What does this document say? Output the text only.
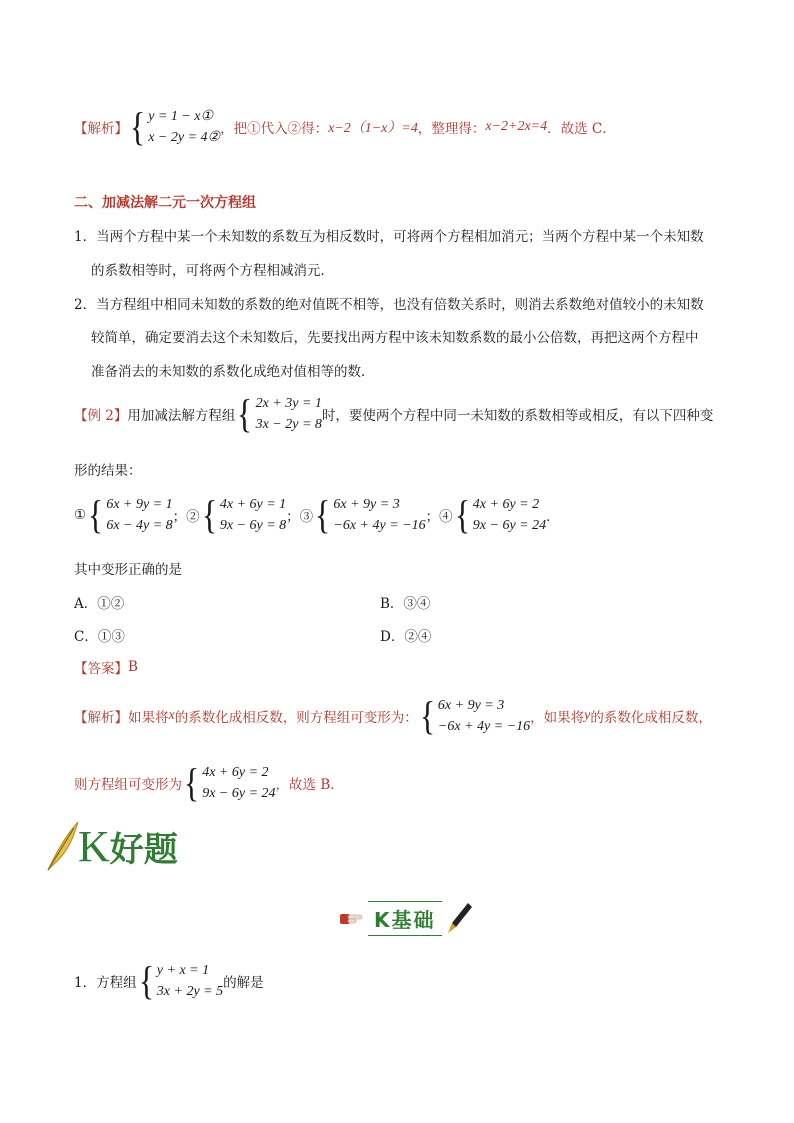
【解析】 { y = 1 − x①
x − 2y = 4②
，把①代入②得： x−2（1−x）=4 ，整理得： x−2+2x=4 ．故选 C．

二、加减法解二元一次方程组

1．当两个方程中某一个未知数的系数互为相反数时，可将两个方程相加消元；当两个方程中某一个未知数

的系数相等时，可将两个方程相减消元．

2．当方程组中相同未知数的系数的绝对值既不相等，也没有倍数关系时，则消去系数绝对值较小的未知数

较简单，确定要消去这个未知数后，先要找出两方程中该未知数系数的最小公倍数，再把这两个方程中

准备消去的未知数的系数化成绝对值相等的数．

【例 2】 用加减法解方程组 { 2x + 3y = 1
3x − 2y = 8
时，要使两个方程中同一未知数的系数相等或相反，有以下四种变

形的结果：

① { 6x + 9y = 1
6x − 4y = 8
；② { 4x + 6y = 1
9x − 6y = 8
；③ { 6x + 9y = 3
−6x + 4y = −16
；④ { 4x + 6y = 2
9x − 6y = 24
．

其中变形正确的是

A．①②	B．③④

C．①③	D．②④

【答案】 B
【解析】 如果将 x 的系数化成相反数，则方程组可变形为： { 6x + 9y = 3
−6x + 4y = −16
，如果将 y 的系数化成相反数，
则方程组可变形为 { 4x + 6y = 2
9x − 6y = 24
，故选 B．
K 好题
K基础
1．方程组 { y + x = 1
3x + 2y = 5
的解是
